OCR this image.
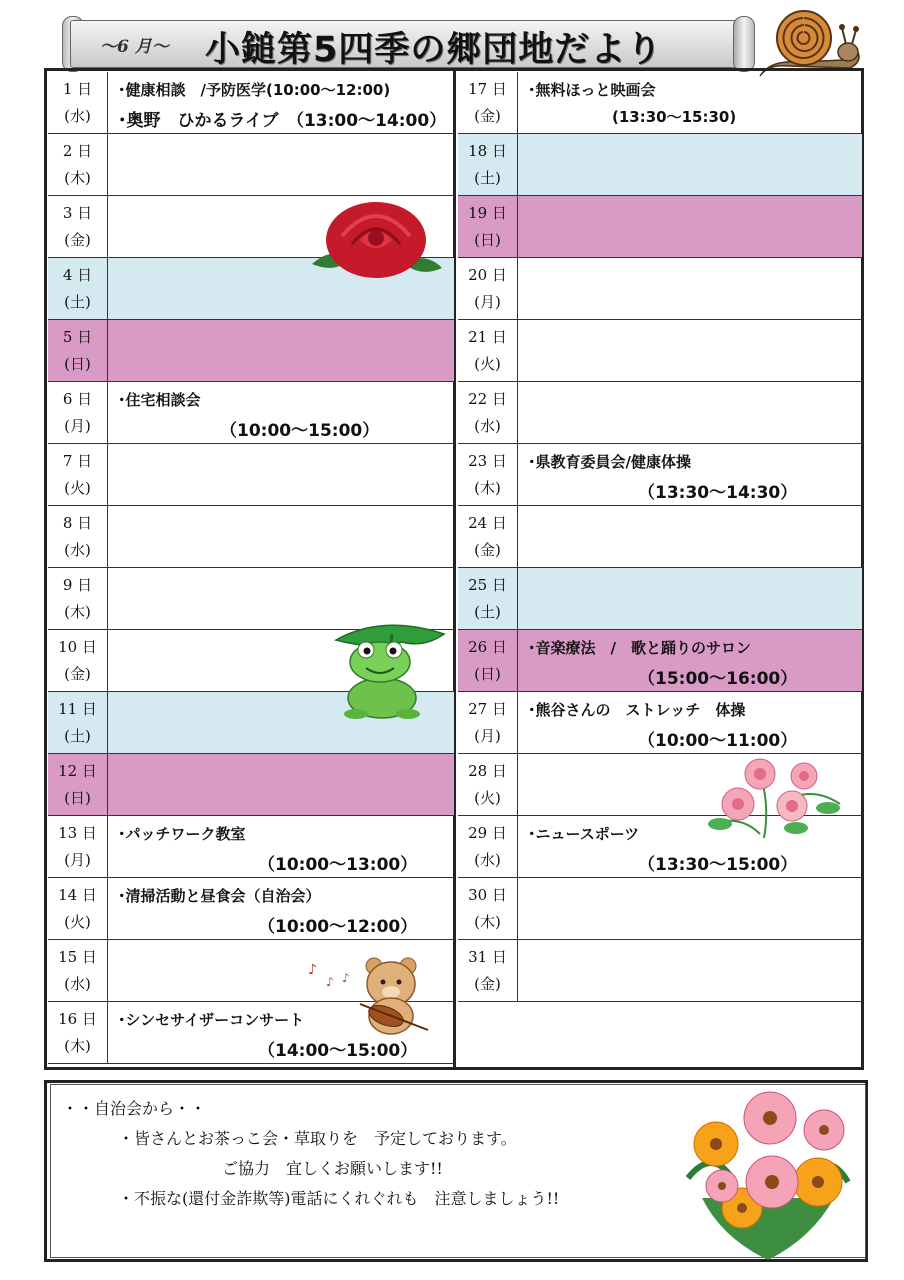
～6 月～ 小鎚第5四季の郷団地だより
1 日
(水)
･健康相談　/予防医学(10:00～12:00)
･奥野　ひかるライブ　（13:00～14:00）
2 日
(木)
3 日
(金)
4 日
(土)
5 日
(日)
6 日
(月)
･住宅相談会
（10:00～15:00）
7 日
(火)
8 日
(水)
9 日
(木)
10 日
(金)
11 日
(土)
12 日
(日)
13 日
(月)
･パッチワーク教室
（10:00～13:00）
14 日
(火)
･清掃活動と昼食会（自治会）
（10:00～12:00）
15 日
(水)
16 日
(木)
･シンセサイザーコンサート
（14:00～15:00）
17 日
(金)
･無料ほっと映画会
(13:30～15:30)
18 日
(土)
19 日
(日)
20 日
(月)
21 日
(火)
22 日
(水)
23 日
(木)
･県教育委員会/健康体操
（13:30～14:30）
24 日
(金)
25 日
(土)
26 日
(日)
･音楽療法　/　歌と踊りのサロン
（15:00～16:00）
27 日
(月)
･熊谷さんの　ストレッチ　体操
（10:00～11:00）
28 日
(火)
29 日
(水)
･ニュースポーツ
（13:30～15:00）
30 日
(木)
31 日
(金)
♪
♪ ♪
・・自治会から・・
・皆さんとお茶っこ会・草取りを　予定しております。
ご協力　宜しくお願いします!!
・不振な(還付金詐欺等)電話にくれぐれも　注意しましょう!!
